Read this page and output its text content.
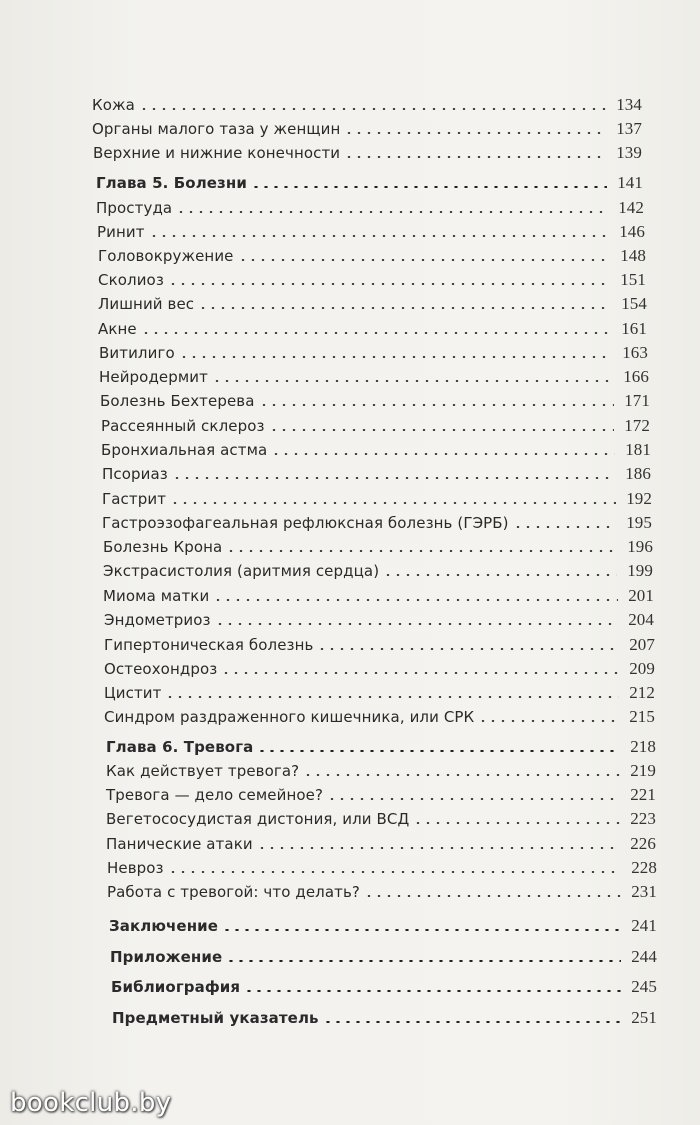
Кожа	134
Органы малого таза у женщин	137
Верхние и нижние конечности	139
Глава 5. Болезни	141
Простуда	142
Ринит	146
Головокружение	148
Сколиоз	151
Лишний вес	154
Акне	161
Витилиго	163
Нейродермит	166
Болезнь Бехтерева	171
Рассеянный склероз	172
Бронхиальная астма	181
Псориаз	186
Гастрит	192
Гастроэзофагеальная рефлюксная болезнь (ГЭРБ)	195
Болезнь Крона	196
Экстрасистолия (аритмия сердца)	199
Миома матки	201
Эндометриоз	204
Гипертоническая болезнь	207
Остеохондроз	209
Цистит	212
Синдром раздраженного кишечника, или СРК	215
Глава 6. Тревога	218
Как действует тревога?	219
Тревога — дело семейное?	221
Вегетососудистая дистония, или ВСД	223
Панические атаки	226
Невроз	228
Работа с тревогой: что делать?	231
Заключение	241
Приложение	244
Библиография	245
Предметный указатель	251
bookclub.by
